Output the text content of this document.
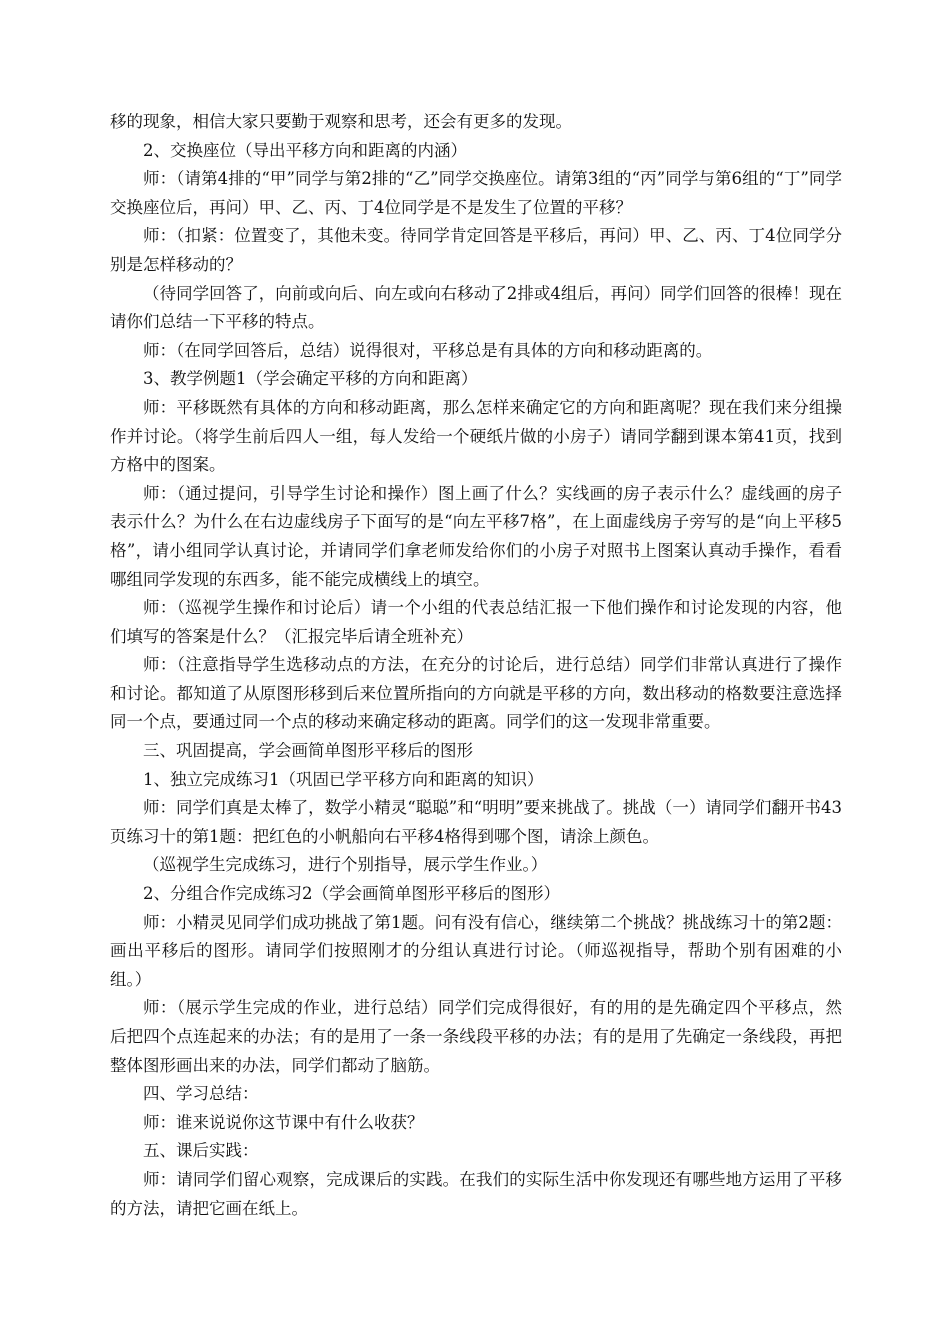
移的现象，相信大家只要勤于观察和思考，还会有更多的发现。

2、交换座位（导出平移方向和距离的内涵）

师：（请第4排的“甲”同学与第2排的“乙”同学交换座位。请第3组的“丙”同学与第6组的“丁”同学交换座位后，再问）甲、乙、丙、丁4位同学是不是发生了位置的平移？

师：（扣紧：位置变了，其他未变。待同学肯定回答是平移后，再问）甲、乙、丙、丁4位同学分别是怎样移动的？

（待同学回答了，向前或向后、向左或向右移动了2排或4组后，再问）同学们回答的很棒！现在请你们总结一下平移的特点。

师：（在同学回答后，总结）说得很对，平移总是有具体的方向和移动距离的。

3、教学例题1（学会确定平移的方向和距离）

师：平移既然有具体的方向和移动距离，那么怎样来确定它的方向和距离呢？现在我们来分组操作并讨论。（将学生前后四人一组，每人发给一个硬纸片做的小房子）请同学翻到课本第41页，找到方格中的图案。

师：（通过提问，引导学生讨论和操作）图上画了什么？实线画的房子表示什么？虚线画的房子表示什么？为什么在右边虚线房子下面写的是“向左平移7格”，在上面虚线房子旁写的是“向上平移5格”，请小组同学认真讨论，并请同学们拿老师发给你们的小房子对照书上图案认真动手操作，看看哪组同学发现的东西多，能不能完成横线上的填空。

师：（巡视学生操作和讨论后）请一个小组的代表总结汇报一下他们操作和讨论发现的内容，他们填写的答案是什么？（汇报完毕后请全班补充）

师：（注意指导学生选移动点的方法，在充分的讨论后，进行总结）同学们非常认真进行了操作和讨论。都知道了从原图形移到后来位置所指向的方向就是平移的方向，数出移动的格数要注意选择同一个点，要通过同一个点的移动来确定移动的距离。同学们的这一发现非常重要。

三、巩固提高，学会画简单图形平移后的图形

1、独立完成练习1（巩固已学平移方向和距离的知识）

师：同学们真是太棒了，数学小精灵“聪聪”和“明明”要来挑战了。挑战（一）请同学们翻开书43页练习十的第1题：把红色的小帆船向右平移4格得到哪个图，请涂上颜色。

（巡视学生完成练习，进行个别指导，展示学生作业。）

2、分组合作完成练习2（学会画简单图形平移后的图形）

师：小精灵见同学们成功挑战了第1题。问有没有信心，继续第二个挑战？挑战练习十的第2题：画出平移后的图形。请同学们按照刚才的分组认真进行讨论。（师巡视指导，帮助个别有困难的小组。）

师：（展示学生完成的作业，进行总结）同学们完成得很好，有的用的是先确定四个平移点，然后把四个点连起来的办法；有的是用了一条一条线段平移的办法；有的是用了先确定一条线段，再把整体图形画出来的办法，同学们都动了脑筋。

四、学习总结：

师：谁来说说你这节课中有什么收获？

五、课后实践：

师：请同学们留心观察，完成课后的实践。在我们的实际生活中你发现还有哪些地方运用了平移的方法，请把它画在纸上。
